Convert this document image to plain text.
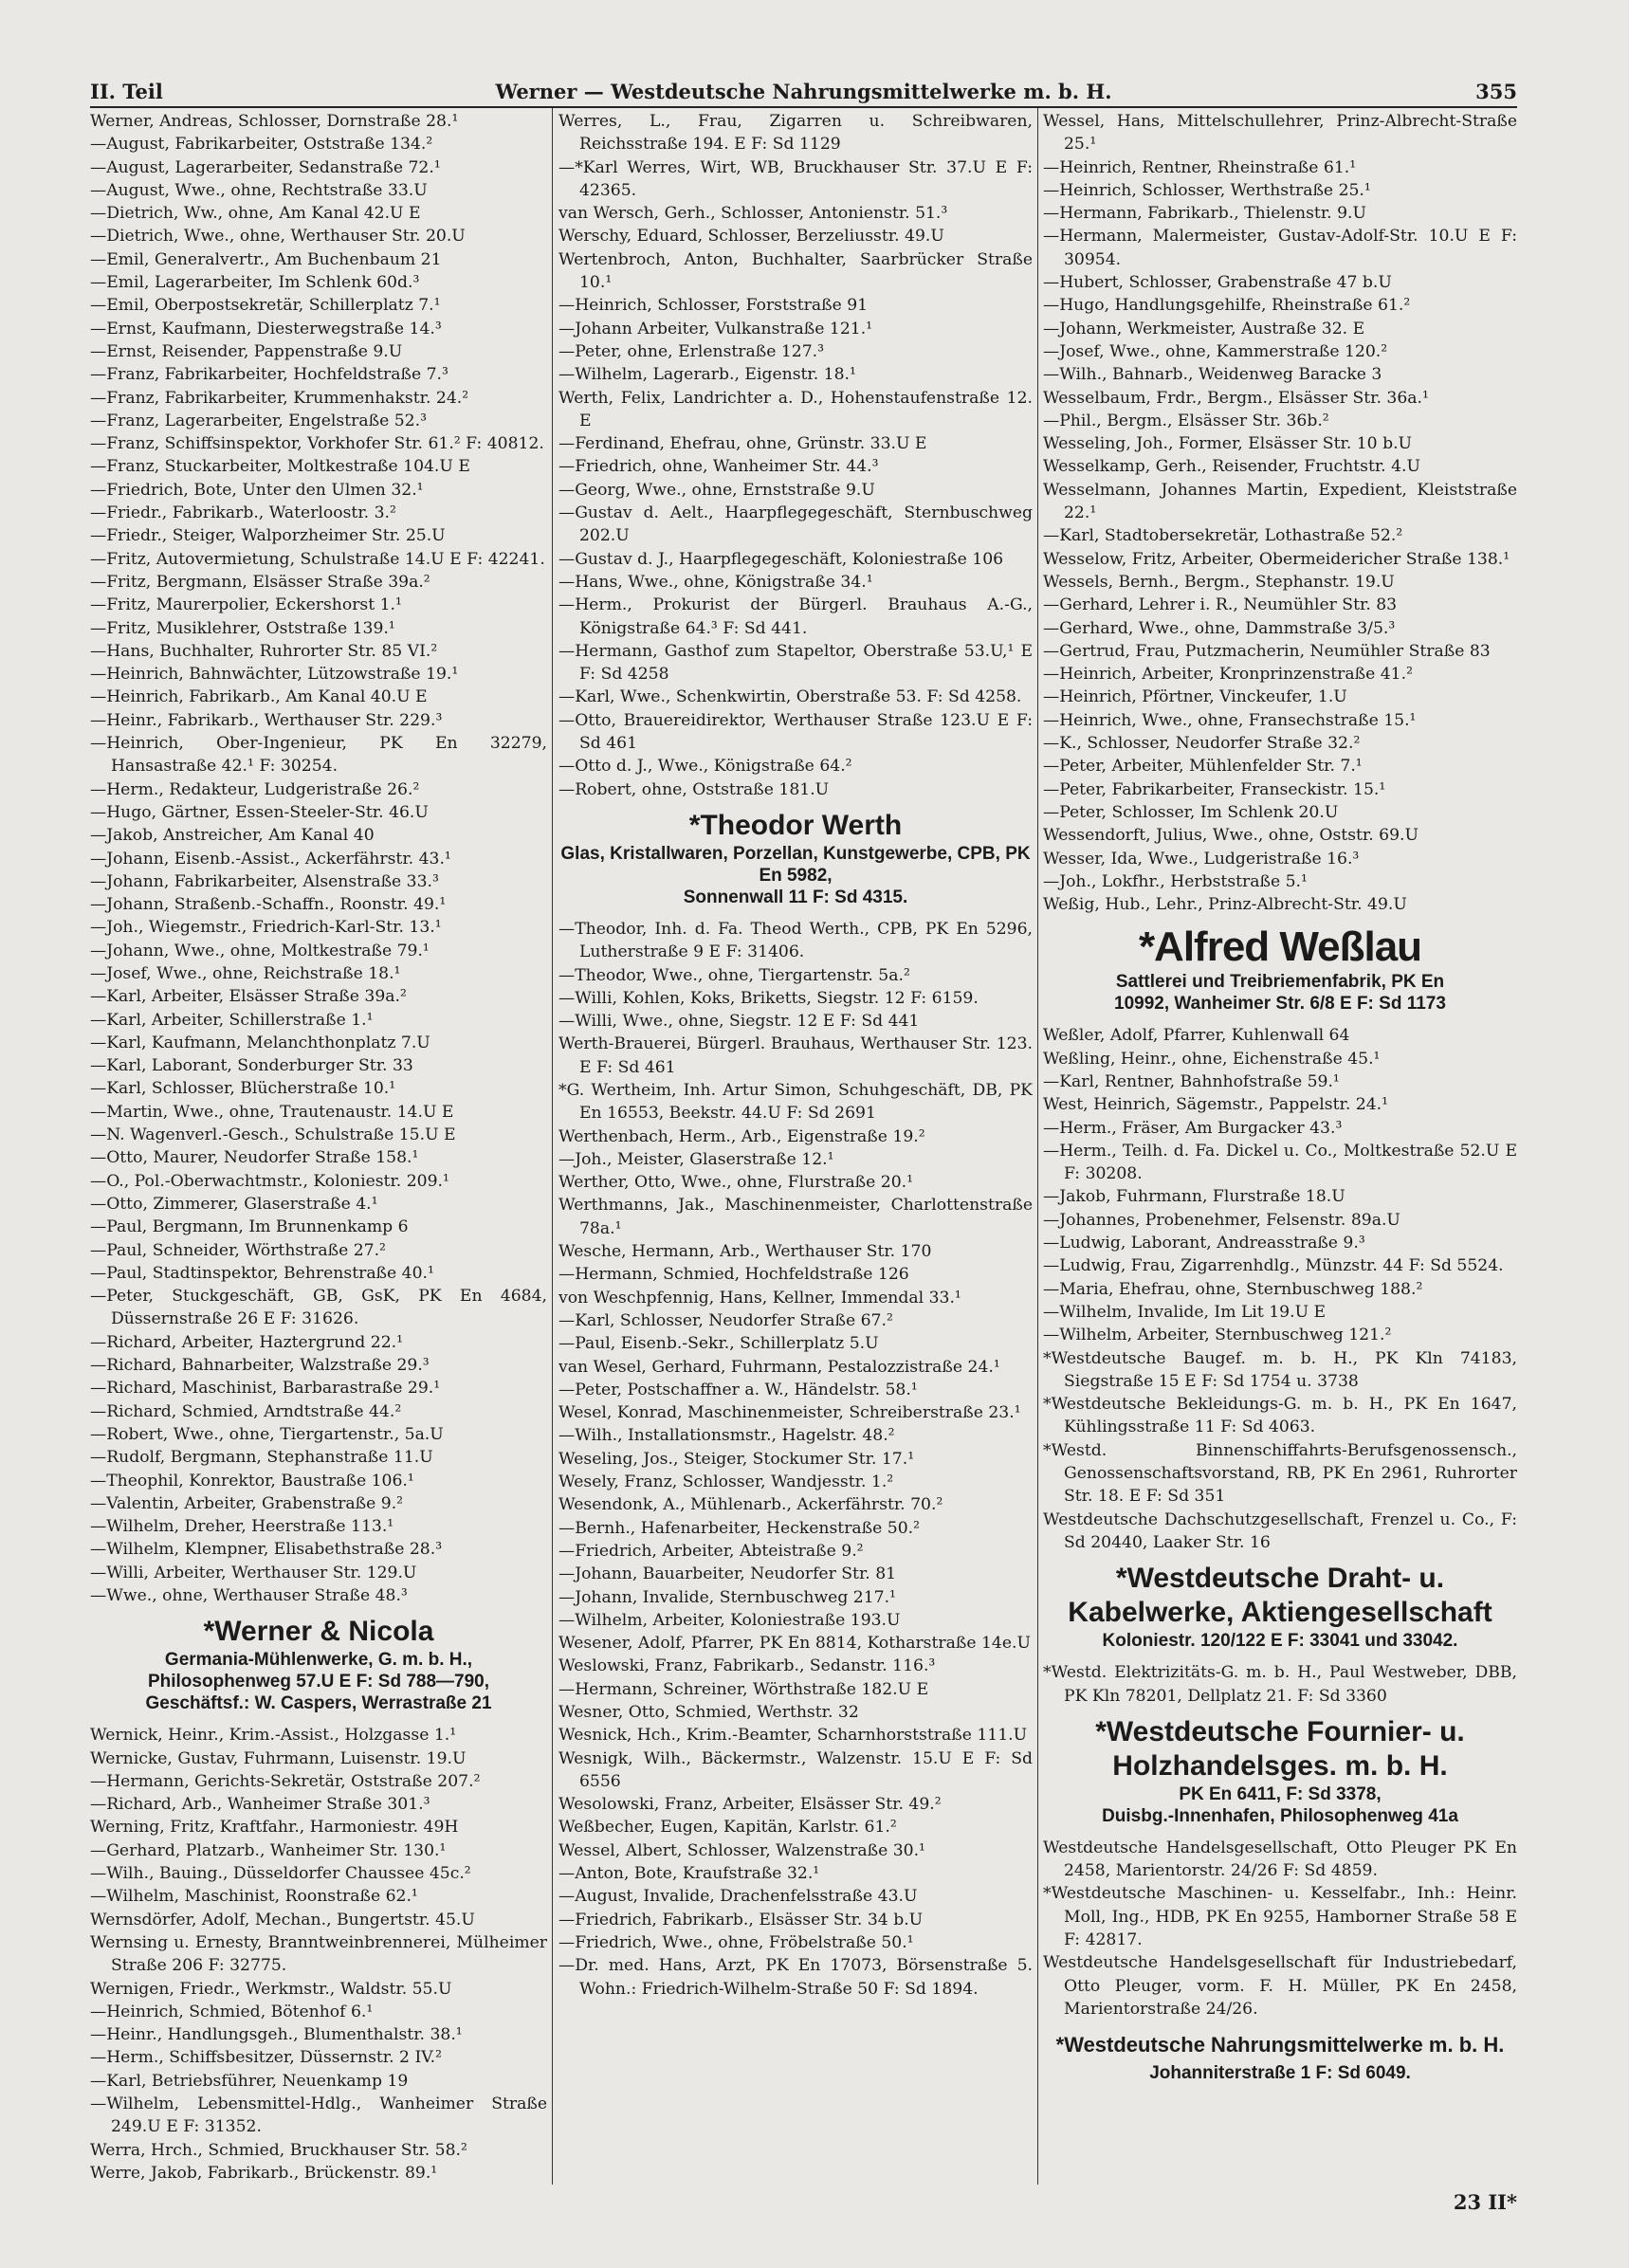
II. Teil	Werner — Westdeutsche Nahrungsmittelwerke m. b. H.	355
Werner, Andreas, Schlosser, Dornstraße 28.¹
—August, Fabrikarbeiter, Oststraße 134.²
—August, Lagerarbeiter, Sedanstraße 72.¹
—August, Wwe., ohne, Rechtstraße 33.U
—Dietrich, Ww., ohne, Am Kanal 42.U E
—Dietrich, Wwe., ohne, Werthauser Str. 20.U
—Emil, Generalvertr., Am Buchenbaum 21
—Emil, Lagerarbeiter, Im Schlenk 60d.³
—Emil, Oberpostsekretär, Schillerplatz 7.¹
—Ernst, Kaufmann, Diesterwegstraße 14.³
—Ernst, Reisender, Pappenstraße 9.U
—Franz, Fabrikarbeiter, Hochfeldstraße 7.³
—Franz, Fabrikarbeiter, Krummenhakstr. 24.²
—Franz, Lagerarbeiter, Engelstraße 52.³
—Franz, Schiffsinspektor, Vorkhofer Str. 61.² F: 40812.
—Franz, Stuckarbeiter, Moltkestraße 104.U E
—Friedrich, Bote, Unter den Ulmen 32.¹
—Friedr., Fabrikarb., Waterloostr. 3.²
—Friedr., Steiger, Walporzheimer Str. 25.U
—Fritz, Autovermietung, Schulstraße 14.U E F: 42241.
—Fritz, Bergmann, Elsässer Straße 39a.²
—Fritz, Maurerpolier, Eckershorst 1.¹
—Fritz, Musiklehrer, Oststraße 139.¹
—Hans, Buchhalter, Ruhrorter Str. 85 VI.²
—Heinrich, Bahnwächter, Lützowstraße 19.¹
—Heinrich, Fabrikarb., Am Kanal 40.U E
—Heinr., Fabrikarb., Werthauser Str. 229.³
—Heinrich, Ober-Ingenieur, PK En 32279, Hansastraße 42.¹ F: 30254.
—Herm., Redakteur, Ludgeristraße 26.²
—Hugo, Gärtner, Essen-Steeler-Str. 46.U
—Jakob, Anstreicher, Am Kanal 40
—Johann, Eisenb.-Assist., Ackerfährstr. 43.¹
—Johann, Fabrikarbeiter, Alsenstraße 33.³
—Johann, Straßenb.-Schaffn., Roonstr. 49.¹
—Joh., Wiegemstr., Friedrich-Karl-Str. 13.¹
—Johann, Wwe., ohne, Moltkestraße 79.¹
—Josef, Wwe., ohne, Reichstraße 18.¹
—Karl, Arbeiter, Elsässer Straße 39a.²
—Karl, Arbeiter, Schillerstraße 1.¹
—Karl, Kaufmann, Melanchthonplatz 7.U
—Karl, Laborant, Sonderburger Str. 33
—Karl, Schlosser, Blücherstraße 10.¹
—Martin, Wwe., ohne, Trautenaustr. 14.U E
—N. Wagenverl.-Gesch., Schulstraße 15.U E
—Otto, Maurer, Neudorfer Straße 158.¹
—O., Pol.-Oberwachtmstr., Koloniestr. 209.¹
—Otto, Zimmerer, Glaserstraße 4.¹
—Paul, Bergmann, Im Brunnenkamp 6
—Paul, Schneider, Wörthstraße 27.²
—Paul, Stadtinspektor, Behrenstraße 40.¹
—Peter, Stuckgeschäft, GB, GsK, PK En 4684, Düssernstraße 26 E F: 31626.
—Richard, Arbeiter, Haztergrund 22.¹
—Richard, Bahnarbeiter, Walzstraße 29.³
—Richard, Maschinist, Barbarastraße 29.¹
—Richard, Schmied, Arndtstraße 44.²
—Robert, Wwe., ohne, Tiergartenstr., 5a.U
—Rudolf, Bergmann, Stephanstraße 11.U
—Theophil, Konrektor, Baustraße 106.¹
—Valentin, Arbeiter, Grabenstraße 9.²
—Wilhelm, Dreher, Heerstraße 113.¹
—Wilhelm, Klempner, Elisabethstraße 28.³
—Willi, Arbeiter, Werthauser Str. 129.U
—Wwe., ohne, Werthauser Straße 48.³
*Werner & Nicola
Germania-Mühlenwerke, G. m. b. H.,
Philosophenweg 57.U E F: Sd 788—790,
Geschäftsf.: W. Caspers, Werrastraße 21
Wernick, Heinr., Krim.-Assist., Holzgasse 1.¹
Wernicke, Gustav, Fuhrmann, Luisenstr. 19.U
—Hermann, Gerichts-Sekretär, Oststraße 207.²
—Richard, Arb., Wanheimer Straße 301.³
Werning, Fritz, Kraftfahr., Harmoniestr. 49H
—Gerhard, Platzarb., Wanheimer Str. 130.¹
—Wilh., Bauing., Düsseldorfer Chaussee 45c.²
—Wilhelm, Maschinist, Roonstraße 62.¹
Wernsdörfer, Adolf, Mechan., Bungertstr. 45.U
Wernsing u. Ernesty, Branntweinbrennerei, Mülheimer Straße 206 F: 32775.
Wernigen, Friedr., Werkmstr., Waldstr. 55.U
—Heinrich, Schmied, Bötenhof 6.¹
—Heinr., Handlungsgeh., Blumenthalstr. 38.¹
—Herm., Schiffsbesitzer, Düssernstr. 2 IV.²
—Karl, Betriebsführer, Neuenkamp 19
—Wilhelm, Lebensmittel-Hdlg., Wanheimer Straße 249.U E F: 31352.
Werra, Hrch., Schmied, Bruckhauser Str. 58.²
Werre, Jakob, Fabrikarb., Brückenstr. 89.¹
Werres, L., Frau, Zigarren u. Schreibwaren, Reichsstraße 194. E F: Sd 1129
—*Karl Werres, Wirt, WB, Bruckhauser Str. 37.U E F: 42365.
van Wersch, Gerh., Schlosser, Antonienstr. 51.³
Werschy, Eduard, Schlosser, Berzeliusstr. 49.U
Wertenbroch, Anton, Buchhalter, Saarbrücker Straße 10.¹
—Heinrich, Schlosser, Forststraße 91
—Johann Arbeiter, Vulkanstraße 121.¹
—Peter, ohne, Erlenstraße 127.³
—Wilhelm, Lagerarb., Eigenstr. 18.¹
Werth, Felix, Landrichter a. D., Hohenstaufenstraße 12. E
—Ferdinand, Ehefrau, ohne, Grünstr. 33.U E
—Friedrich, ohne, Wanheimer Str. 44.³
—Georg, Wwe., ohne, Ernststraße 9.U
—Gustav d. Aelt., Haarpflegegeschäft, Sternbuschweg 202.U
—Gustav d. J., Haarpflegegeschäft, Koloniestraße 106
—Hans, Wwe., ohne, Königstraße 34.¹
—Herm., Prokurist der Bürgerl. Brauhaus A.-G., Königstraße 64.³ F: Sd 441.
—Hermann, Gasthof zum Stapeltor, Oberstraße 53.U,¹ E F: Sd 4258
—Karl, Wwe., Schenkwirtin, Oberstraße 53. F: Sd 4258.
—Otto, Brauereidirektor, Werthauser Straße 123.U E F: Sd 461
—Otto d. J., Wwe., Königstraße 64.²
—Robert, ohne, Oststraße 181.U
*Theodor Werth
Glas, Kristallwaren, Porzellan, Kunstgewerbe, CPB, PK En 5982,
Sonnenwall 11 F: Sd 4315.
—Theodor, Inh. d. Fa. Theod Werth., CPB, PK En 5296, Lutherstraße 9 E F: 31406.
—Theodor, Wwe., ohne, Tiergartenstr. 5a.²
—Willi, Kohlen, Koks, Briketts, Siegstr. 12 F: 6159.
—Willi, Wwe., ohne, Siegstr. 12 E F: Sd 441
Werth-Brauerei, Bürgerl. Brauhaus, Werthauser Str. 123. E F: Sd 461
*G. Wertheim, Inh. Artur Simon, Schuhgeschäft, DB, PK En 16553, Beekstr. 44.U F: Sd 2691
Werthenbach, Herm., Arb., Eigenstraße 19.²
—Joh., Meister, Glaserstraße 12.¹
Werther, Otto, Wwe., ohne, Flurstraße 20.¹
Werthmanns, Jak., Maschinenmeister, Charlottenstraße 78a.¹
Wesche, Hermann, Arb., Werthauser Str. 170
—Hermann, Schmied, Hochfeldstraße 126
von Weschpfennig, Hans, Kellner, Immendal 33.¹
—Karl, Schlosser, Neudorfer Straße 67.²
—Paul, Eisenb.-Sekr., Schillerplatz 5.U
van Wesel, Gerhard, Fuhrmann, Pestalozzistraße 24.¹
—Peter, Postschaffner a. W., Händelstr. 58.¹
Wesel, Konrad, Maschinenmeister, Schreiberstraße 23.¹
—Wilh., Installationsmstr., Hagelstr. 48.²
Weseling, Jos., Steiger, Stockumer Str. 17.¹
Wesely, Franz, Schlosser, Wandjesstr. 1.²
Wesendonk, A., Mühlenarb., Ackerfährstr. 70.²
—Bernh., Hafenarbeiter, Heckenstraße 50.²
—Friedrich, Arbeiter, Abteistraße 9.²
—Johann, Bauarbeiter, Neudorfer Str. 81
—Johann, Invalide, Sternbuschweg 217.¹
—Wilhelm, Arbeiter, Koloniestraße 193.U
Wesener, Adolf, Pfarrer, PK En 8814, Kotharstraße 14e.U
Weslowski, Franz, Fabrikarb., Sedanstr. 116.³
—Hermann, Schreiner, Wörthstraße 182.U E
Wesner, Otto, Schmied, Werthstr. 32
Wesnick, Hch., Krim.-Beamter, Scharnhorststraße 111.U
Wesnigk, Wilh., Bäckermstr., Walzenstr. 15.U E F: Sd 6556
Wesolowski, Franz, Arbeiter, Elsässer Str. 49.²
Weßbecher, Eugen, Kapitän, Karlstr. 61.²
Wessel, Albert, Schlosser, Walzenstraße 30.¹
—Anton, Bote, Kraufstraße 32.¹
—August, Invalide, Drachenfelsstraße 43.U
—Friedrich, Fabrikarb., Elsässer Str. 34 b.U
—Friedrich, Wwe., ohne, Fröbelstraße 50.¹
—Dr. med. Hans, Arzt, PK En 17073, Börsenstraße 5. Wohn.: Friedrich-Wilhelm-Straße 50 F: Sd 1894.
Wessel, Hans, Mittelschullehrer, Prinz-Albrecht-Straße 25.¹
—Heinrich, Rentner, Rheinstraße 61.¹
—Heinrich, Schlosser, Werthstraße 25.¹
—Hermann, Fabrikarb., Thielenstr. 9.U
—Hermann, Malermeister, Gustav-Adolf-Str. 10.U E F: 30954.
—Hubert, Schlosser, Grabenstraße 47 b.U
—Hugo, Handlungsgehilfe, Rheinstraße 61.²
—Johann, Werkmeister, Austraße 32. E
—Josef, Wwe., ohne, Kammerstraße 120.²
—Wilh., Bahnarb., Weidenweg Baracke 3
Wesselbaum, Frdr., Bergm., Elsässer Str. 36a.¹
—Phil., Bergm., Elsässer Str. 36b.²
Wesseling, Joh., Former, Elsässer Str. 10 b.U
Wesselkamp, Gerh., Reisender, Fruchtstr. 4.U
Wesselmann, Johannes Martin, Expedient, Kleiststraße 22.¹
—Karl, Stadtobersekretär, Lothastraße 52.²
Wesselow, Fritz, Arbeiter, Obermeidericher Straße 138.¹
Wessels, Bernh., Bergm., Stephanstr. 19.U
—Gerhard, Lehrer i. R., Neumühler Str. 83
—Gerhard, Wwe., ohne, Dammstraße 3/5.³
—Gertrud, Frau, Putzmacherin, Neumühler Straße 83
—Heinrich, Arbeiter, Kronprinzenstraße 41.²
—Heinrich, Pförtner, Vinckeufer, 1.U
—Heinrich, Wwe., ohne, Fransechstraße 15.¹
—K., Schlosser, Neudorfer Straße 32.²
—Peter, Arbeiter, Mühlenfelder Str. 7.¹
—Peter, Fabrikarbeiter, Franseckistr. 15.¹
—Peter, Schlosser, Im Schlenk 20.U
Wessendorft, Julius, Wwe., ohne, Oststr. 69.U
Wesser, Ida, Wwe., Ludgeristraße 16.³
—Joh., Lokfhr., Herbststraße 5.¹
Weßig, Hub., Lehr., Prinz-Albrecht-Str. 49.U
*Alfred Weßlau
Sattlerei und Treibriemenfabrik, PK En
10992, Wanheimer Str. 6/8 E F: Sd 1173
Weßler, Adolf, Pfarrer, Kuhlenwall 64
Weßling, Heinr., ohne, Eichenstraße 45.¹
—Karl, Rentner, Bahnhofstraße 59.¹
West, Heinrich, Sägemstr., Pappelstr. 24.¹
—Herm., Fräser, Am Burgacker 43.³
—Herm., Teilh. d. Fa. Dickel u. Co., Moltkestraße 52.U E F: 30208.
—Jakob, Fuhrmann, Flurstraße 18.U
—Johannes, Probenehmer, Felsenstr. 89a.U
—Ludwig, Laborant, Andreasstraße 9.³
—Ludwig, Frau, Zigarrenhdlg., Münzstr. 44 F: Sd 5524.
—Maria, Ehefrau, ohne, Sternbuschweg 188.²
—Wilhelm, Invalide, Im Lit 19.U E
—Wilhelm, Arbeiter, Sternbuschweg 121.²
*Westdeutsche Baugef. m. b. H., PK Kln 74183, Siegstraße 15 E F: Sd 1754 u. 3738
*Westdeutsche Bekleidungs-G. m. b. H., PK En 1647, Kühlingsstraße 11 F: Sd 4063.
*Westd. Binnenschiffahrts-Berufsgenossensch., Genossenschaftsvorstand, RB, PK En 2961, Ruhrorter Str. 18. E F: Sd 351
Westdeutsche Dachschutzgesellschaft, Frenzel u. Co., F: Sd 20440, Laaker Str. 16
*Westdeutsche Draht- u. Kabelwerke, Aktiengesellschaft
Koloniestr. 120/122 E F: 33041 und 33042.
*Westd. Elektrizitäts-G. m. b. H., Paul Westweber, DBB, PK Kln 78201, Dellplatz 21. F: Sd 3360
*Westdeutsche Fournier- u. Holzhandelsges. m. b. H.
PK En 6411, F: Sd 3378,
Duisbg.-Innenhafen, Philosophenweg 41a
Westdeutsche Handelsgesellschaft, Otto Pleuger PK En 2458, Marientorstr. 24/26 F: Sd 4859.
*Westdeutsche Maschinen- u. Kesselfabr., Inh.: Heinr. Moll, Ing., HDB, PK En 9255, Hamborner Straße 58 E F: 42817.
Westdeutsche Handelsgesellschaft für Industriebedarf, Otto Pleuger, vorm. F. H. Müller, PK En 2458, Marientorstraße 24/26.
*Westdeutsche Nahrungsmittelwerke m. b. H.
Johanniterstraße 1 F: Sd 6049.
23 II*
